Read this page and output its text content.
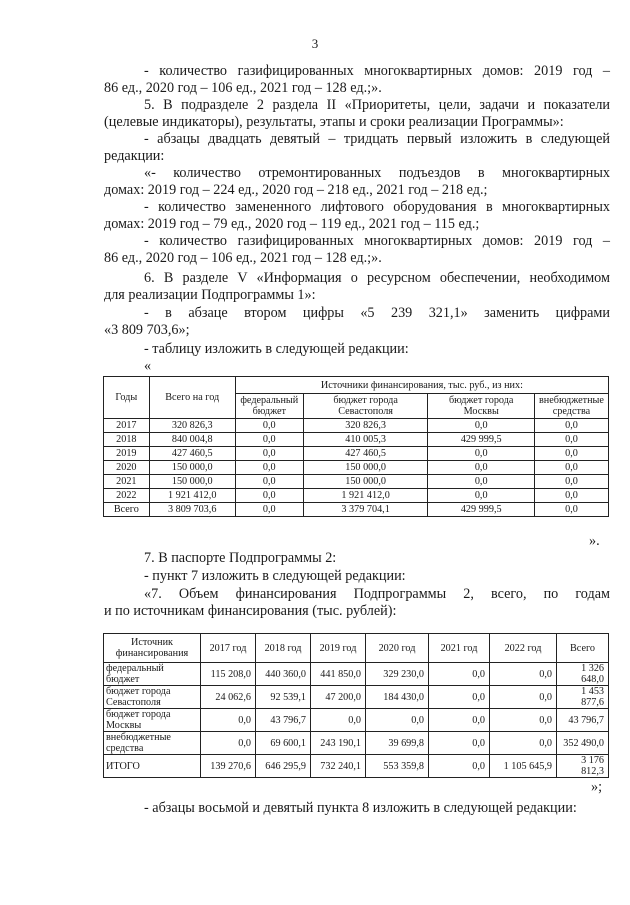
3
- количество газифицированных многоквартирных домов: 2019 год –
86 ед., 2020 год – 106 ед., 2021 год – 128 ед.;».
5. В подразделе 2 раздела II «Приоритеты, цели, задачи и показатели
(целевые индикаторы), результаты, этапы и сроки реализации Программы»:
- абзацы двадцать девятый – тридцать первый изложить в следующей
редакции:
«- количество отремонтированных подъездов в многоквартирных
домах: 2019 год – 224 ед., 2020 год – 218 ед., 2021 год – 218 ед.;
- количество замененного лифтового оборудования в многоквартирных
домах: 2019 год – 79 ед., 2020 год – 119 ед., 2021 год – 115 ед.;
- количество газифицированных многоквартирных домов: 2019 год –
86 ед., 2020 год – 106 ед., 2021 год – 128 ед.;».
6. В разделе V «Информация о ресурсном обеспечении, необходимом
для реализации Подпрограммы 1»:
- в абзаце втором цифры «5 239 321,1» заменить цифрами
«3 809 703,6»;
- таблицу изложить в следующей редакции:
«
Годы	Всего на год	Источники финансирования, тыс. руб., из них:			
		федеральный бюджет	бюджет города Севастополя	бюджет города Москвы	внебюджетные средства
2017	320 826,3	0,0	320 826,3	0,0	0,0
2018	840 004,8	0,0	410 005,3	429 999,5	0,0
2019	427 460,5	0,0	427 460,5	0,0	0,0
2020	150 000,0	0,0	150 000,0	0,0	0,0
2021	150 000,0	0,0	150 000,0	0,0	0,0
2022	1 921 412,0	0,0	1 921 412,0	0,0	0,0
Всего	3 809 703,6	0,0	3 379 704,1	429 999,5	0,0
».
7. В паспорте Подпрограммы 2:
- пункт 7 изложить в следующей редакции:
«7. Объем финансирования Подпрограммы 2, всего, по годам
и по источникам финансирования (тыс. рублей):
Источник финансирования	2017 год	2018 год	2019 год	2020 год	2021 год	2022 год	Всего
федеральный бюджет	115 208,0	440 360,0	441 850,0	329 230,0	0,0	0,0	1 326 648,0
бюджет города Севастополя	24 062,6	92 539,1	47 200,0	184 430,0	0,0	0,0	1 453 877,6
бюджет города Москвы	0,0	43 796,7	0,0	0,0	0,0	0,0	43 796,7
внебюджетные средства	0,0	69 600,1	243 190,1	39 699,8	0,0	0,0	352 490,0
ИТОГО	139 270,6	646 295,9	732 240,1	553 359,8	0,0	1 105 645,9	3 176 812,3
»;
- абзацы восьмой и девятый пункта 8 изложить в следующей редакции:
